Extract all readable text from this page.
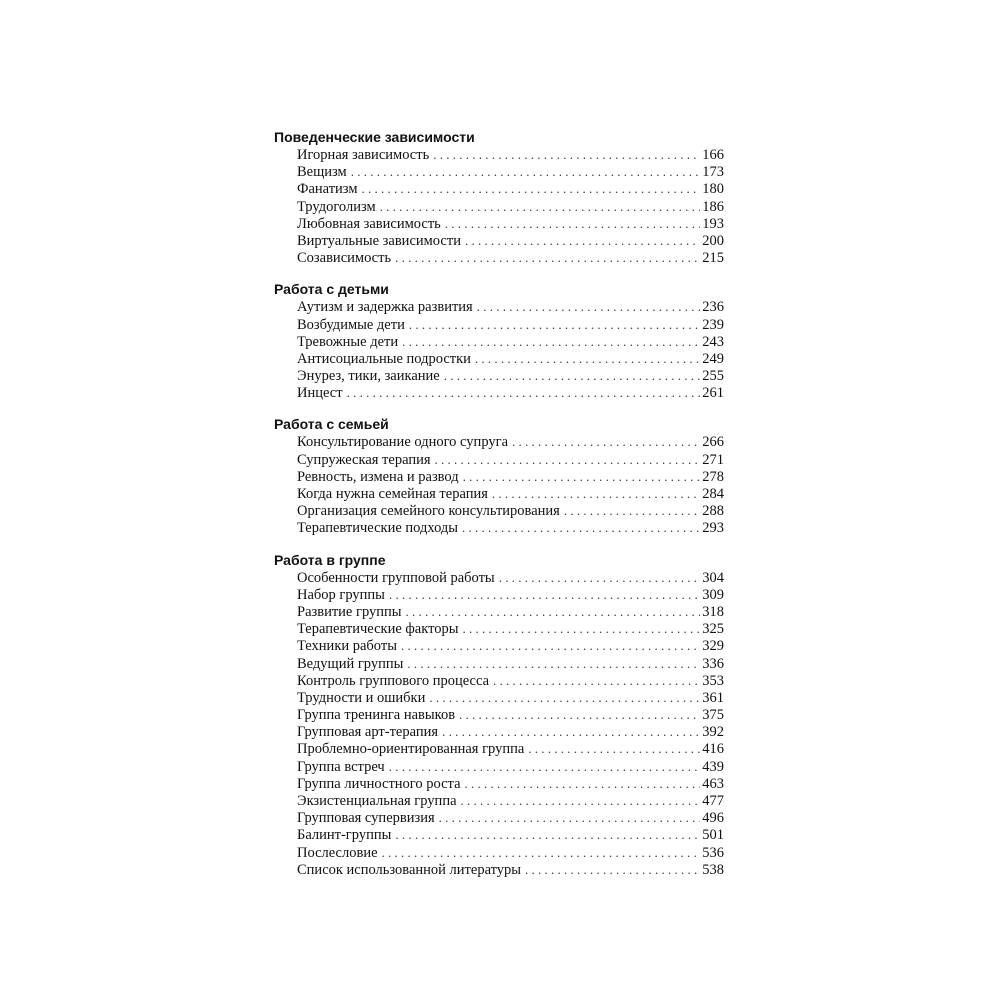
Поведенческие зависимости
Игорная зависимость . . .	166
Вещизм . . .	173
Фанатизм . . .	180
Трудоголизм . . .	186
Любовная зависимость . . .	193
Виртуальные зависимости . . .	200
Созависимость . . .	215
Работа с детьми
Аутизм и задержка развития . . .	236
Возбудимые дети . . .	239
Тревожные дети . . .	243
Антисоциальные подростки . . .	249
Энурез, тики, заикание . . .	255
Инцест . . .	261
Работа с семьей
Консультирование одного супруга . . .	266
Супружеская терапия . . .	271
Ревность, измена и развод . . .	278
Когда нужна семейная терапия . . .	284
Организация семейного консультирования . . .	288
Терапевтические подходы . . .	293
Работа в группе
Особенности групповой работы . . .	304
Набор группы . . .	309
Развитие группы . . .	318
Терапевтические факторы . . .	325
Техники работы . . .	329
Ведущий группы . . .	336
Контроль группового процесса . . .	353
Трудности и ошибки . . .	361
Группа тренинга навыков . . .	375
Групповая арт-терапия . . .	392
Проблемно-ориентированная группа . . .	416
Группа встреч . . .	439
Группа личностного роста . . .	463
Экзистенциальная группа . . .	477
Групповая супервизия . . .	496
Балинт-группы . . .	501
Послесловие . . .	536
Список использованной литературы . . .	538
